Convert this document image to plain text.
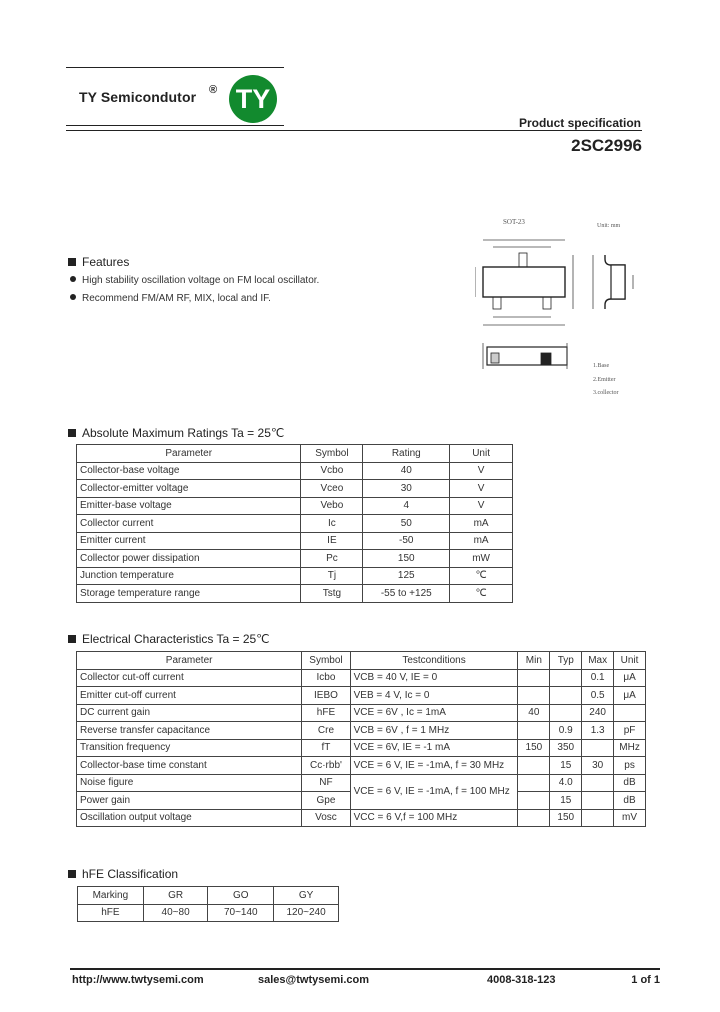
TY Semicondutor ® TY
Product specification
2SC2996
SOT-23	Unit: mm
1.Base
2.Emitter
3.collector
Features
High stability oscillation voltage on FM local oscillator.
Recommend FM/AM RF, MIX, local and IF.
Absolute Maximum Ratings Ta = 25℃
Parameter	Symbol	Rating	Unit
Collector-base voltage	Vcbo	40	V
Collector-emitter voltage	Vceo	30	V
Emitter-base voltage	Vebo	4	V
Collector current	Ic	50	mA
Emitter current	IE	-50	mA
Collector power dissipation	Pc	150	mW
Junction temperature	Tj	125	℃
Storage temperature range	Tstg	-55 to +125	℃
Electrical Characteristics Ta = 25℃
Parameter	Symbol	Testconditions	Min	Typ	Max	Unit
Collector cut-off current	Icbo	VCB = 40 V, IE = 0			0.1	μA
Emitter cut-off current	IEBO	VEB = 4 V, Ic = 0			0.5	μA
DC current gain	hFE	VCE = 6V , Ic = 1mA	40		240	
Reverse transfer capacitance	Cre	VCB = 6V , f = 1 MHz		0.9	1.3	pF
Transition frequency	fT	VCE = 6V, IE = -1 mA	150	350		MHz
Collector-base time constant	Cc·rbb'	VCE = 6 V, IE = -1mA, f = 30 MHz		15	30	ps
Noise figure	NF	VCE = 6 V, IE = -1mA, f = 100 MHz		4.0		dB
Power gain	Gpe			15		dB
Oscillation output voltage	Vosc	VCC = 6 V,f = 100 MHz		150		mV
hFE Classification
Marking	GR	GO	GY
hFE	40~80	70~140	120~240
http://www.twtysemi.com	sales@twtysemi.com	4008-318-123	1 of 1
